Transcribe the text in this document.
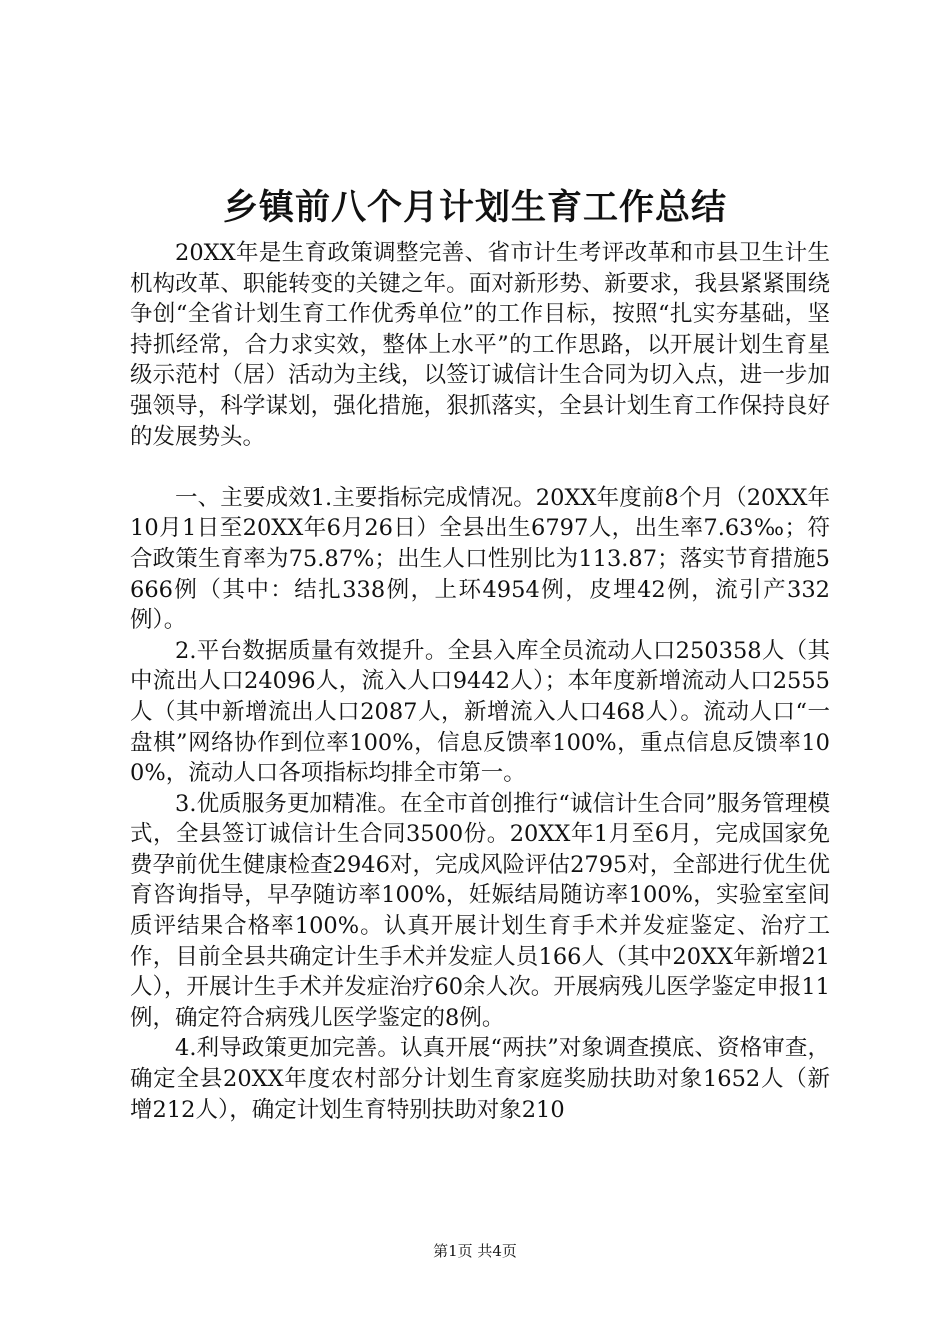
乡镇前八个月计划生育工作总结

20XX年是生育政策调整完善、省市计生考评改革和市县卫生计生机构改革、职能转变的关键之年。面对新形势、新要求，我县紧紧围绕争创“全省计划生育工作优秀单位”的工作目标，按照“扎实夯基础，坚持抓经常，合力求实效，整体上水平”的工作思路，以开展计划生育星级示范村（居）活动为主线，以签订诚信计生合同为切入点，进一步加强领导，科学谋划，强化措施，狠抓落实，全县计划生育工作保持良好的发展势头。

一、主要成效1.主要指标完成情况。20XX年度前8个月（20XX年10月1日至20XX年6月26日）全县出生6797人，出生率7.63‰；符合政策生育率为75.87%；出生人口性别比为113.87；落实节育措施5666例（其中：结扎338例，上环4954例，皮埋42例，流引产332例）。

2.平台数据质量有效提升。全县入库全员流动人口250358人（其中流出人口24096人，流入人口9442人）；本年度新增流动人口2555人（其中新增流出人口2087人，新增流入人口468人）。流动人口“一盘棋”网络协作到位率100%，信息反馈率100%，重点信息反馈率100%，流动人口各项指标均排全市第一。

3.优质服务更加精准。在全市首创推行“诚信计生合同”服务管理模式，全县签订诚信计生合同3500份。20XX年1月至6月，完成国家免费孕前优生健康检查2946对，完成风险评估2795对，全部进行优生优育咨询指导，早孕随访率100%，妊娠结局随访率100%，实验室室间质评结果合格率100%。认真开展计划生育手术并发症鉴定、治疗工作，目前全县共确定计生手术并发症人员166人（其中20XX年新增21人），开展计生手术并发症治疗60余人次。开展病残儿医学鉴定申报11例，确定符合病残儿医学鉴定的8例。

4.利导政策更加完善。认真开展“两扶”对象调查摸底、资格审查，确定全县20XX年度农村部分计划生育家庭奖励扶助对象1652人（新增212人），确定计划生育特别扶助对象210

第1页 共4页
